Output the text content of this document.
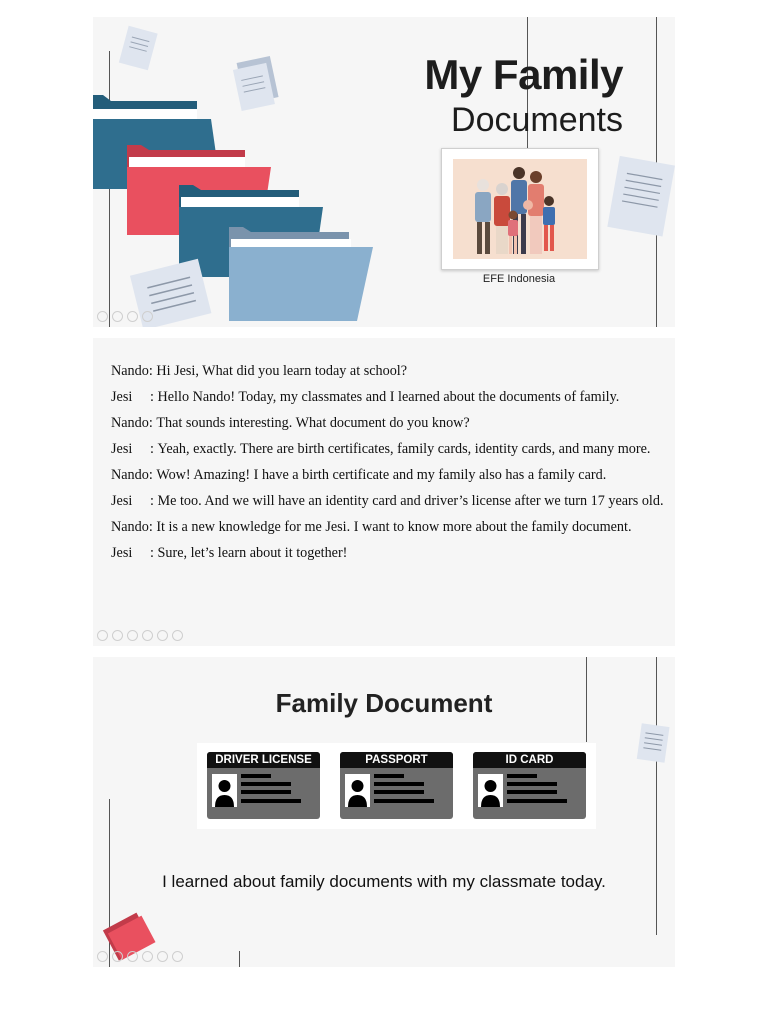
My Family
Documents
EFE Indonesia
Nando: Hi Jesi, What did you learn today at school?
Jesi     : Hello Nando! Today, my classmates and I learned about the documents of family.
Nando: That sounds interesting. What document do you know?
Jesi     : Yeah, exactly. There are birth certificates, family cards, identity cards, and many more.
Nando: Wow! Amazing! I have a birth certificate and my family also has a family card.
Jesi     : Me too. And we will have an identity card and driver’s license after we turn 17 years old.
Nando: It is a new knowledge for me Jesi. I want to know more about the family document.
Jesi     : Sure, let’s learn about it together!
Family Document
DRIVER LICENSE	PASSPORT	ID CARD
I learned about family documents with my classmate today.
